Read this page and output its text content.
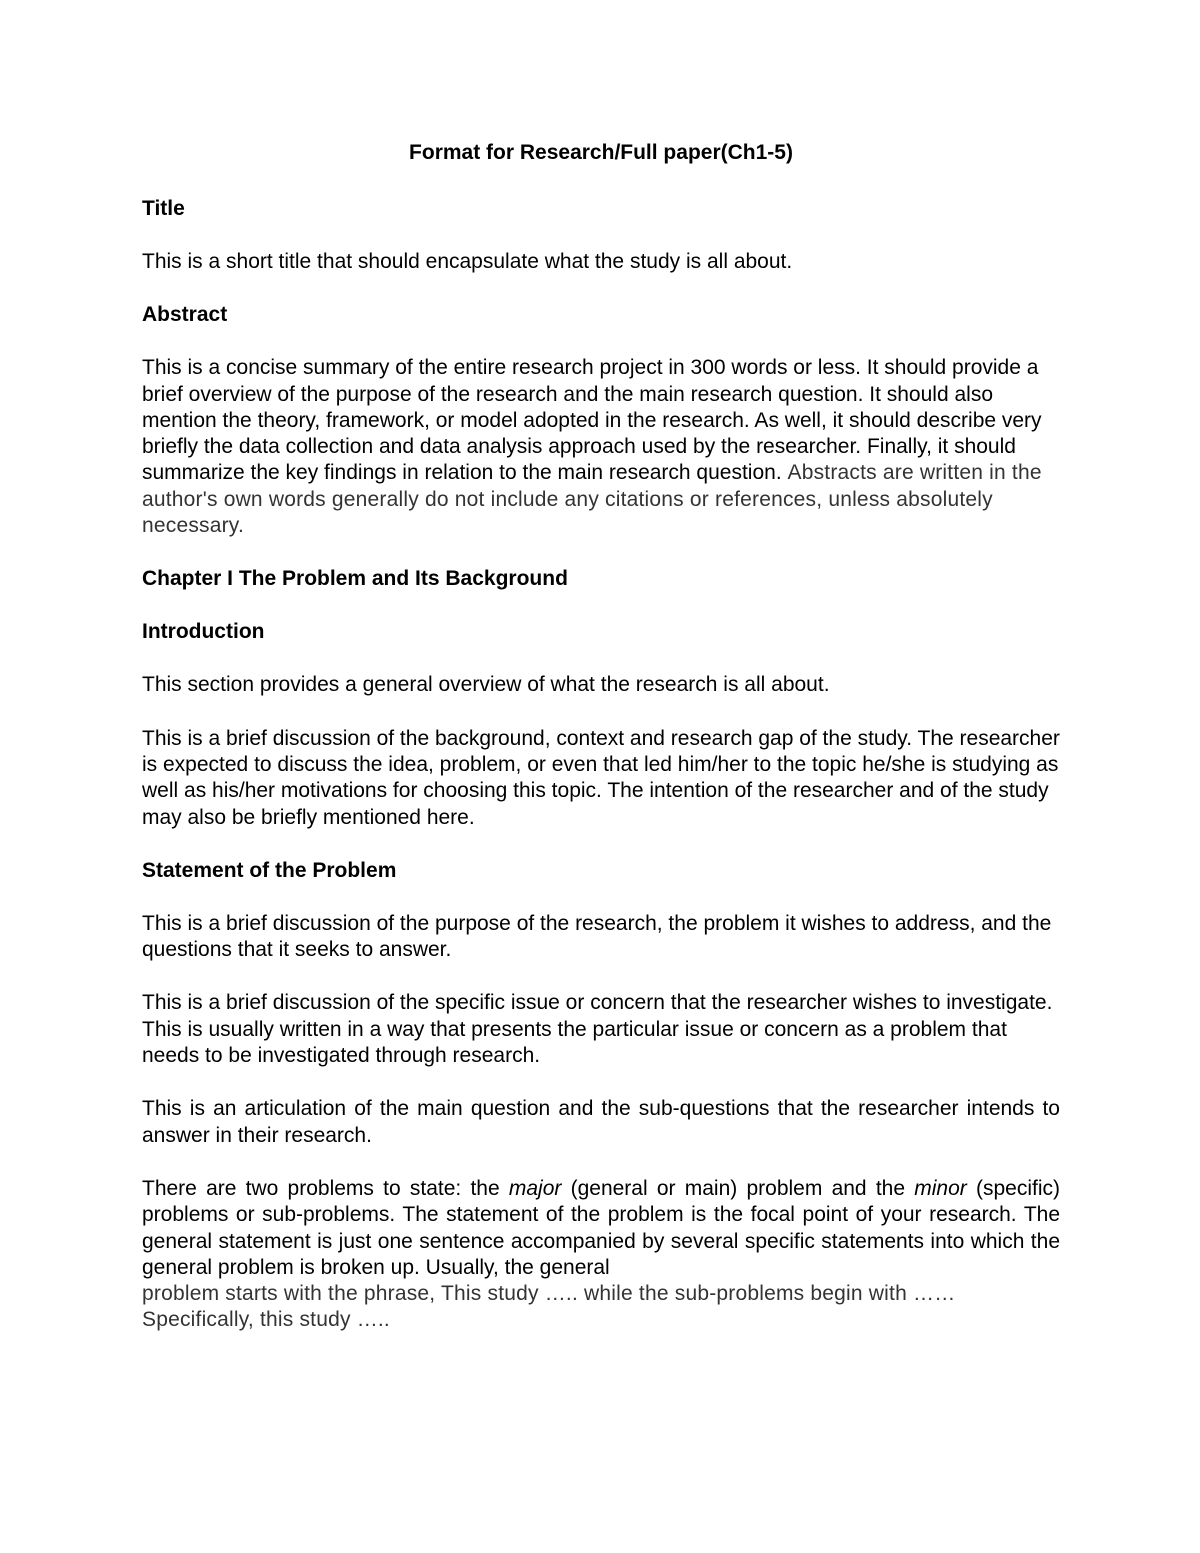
Format for Research/Full paper(Ch1-5)
Title
This is a short title that should encapsulate what the study is all about.
Abstract
This is a concise summary of the entire research project in 300 words or less. It should provide a brief overview of the purpose of the research and the main research question. It should also mention the theory, framework, or model adopted in the research. As well, it should describe very briefly the data collection and data analysis approach used by the researcher. Finally, it should summarize the key findings in relation to the main research question. Abstracts are written in the author's own words generally do not include any citations or references, unless absolutely necessary.
Chapter I The Problem and Its Background
Introduction
This section provides a general overview of what the research is all about.
This is a brief discussion of the background, context and research gap of the study. The researcher is expected to discuss the idea, problem, or even that led him/her to the topic he/she is studying as well as his/her motivations for choosing this topic. The intention of the researcher and of the study may also be briefly mentioned here.
Statement of the Problem
This is a brief discussion of the purpose of the research, the problem it wishes to address, and the questions that it seeks to answer.
This is a brief discussion of the specific issue or concern that the researcher wishes to investigate. This is usually written in a way that presents the particular issue or concern as a problem that needs to be investigated through research.
This is an articulation of the main question and the sub-questions that the researcher intends to answer in their research.
There are two problems to state: the major (general or main) problem and the minor (specific) problems or sub-problems. The statement of the problem is the focal point of your research. The general statement is just one sentence accompanied by several specific statements into which the general problem is broken up. Usually, the general
problem starts with the phrase, This study ….. while the sub-problems begin with ……
Specifically, this study …..
